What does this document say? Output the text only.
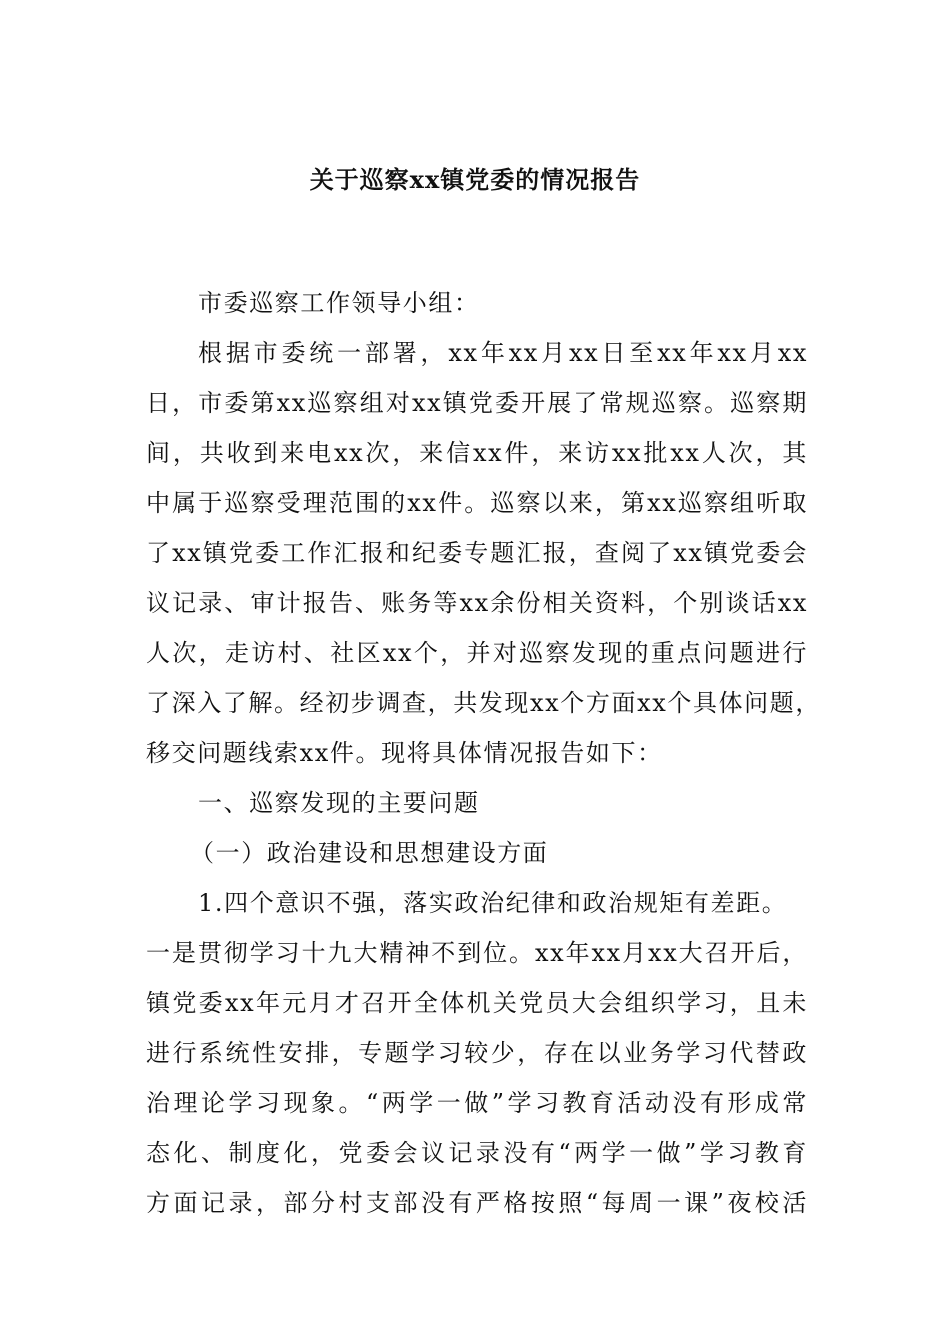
关于巡察xx镇党委的情况报告
市委巡察工作领导小组：
根据市委统一部署，xx年xx月xx日至xx年xx月xx
日，市委第xx巡察组对xx镇党委开展了常规巡察。巡察期
间，共收到来电xx次，来信xx件，来访xx批xx人次，其
中属于巡察受理范围的xx件。巡察以来，第xx巡察组听取
了xx镇党委工作汇报和纪委专题汇报，查阅了xx镇党委会
议记录、审计报告、账务等xx余份相关资料，个别谈话xx
人次，走访村、社区xx个，并对巡察发现的重点问题进行
了深入了解。经初步调查，共发现xx个方面xx个具体问题，
移交问题线索xx件。现将具体情况报告如下：
一、巡察发现的主要问题
（一）政治建设和思想建设方面
1.四个意识不强，落实政治纪律和政治规矩有差距。
一是贯彻学习十九大精神不到位。xx年xx月xx大召开后，
镇党委xx年元月才召开全体机关党员大会组织学习，且未
进行系统性安排，专题学习较少，存在以业务学习代替政
治理论学习现象。“两学一做”学习教育活动没有形成常
态化、制度化，党委会议记录没有“两学一做”学习教育
方面记录，部分村支部没有严格按照“每周一课”夜校活
